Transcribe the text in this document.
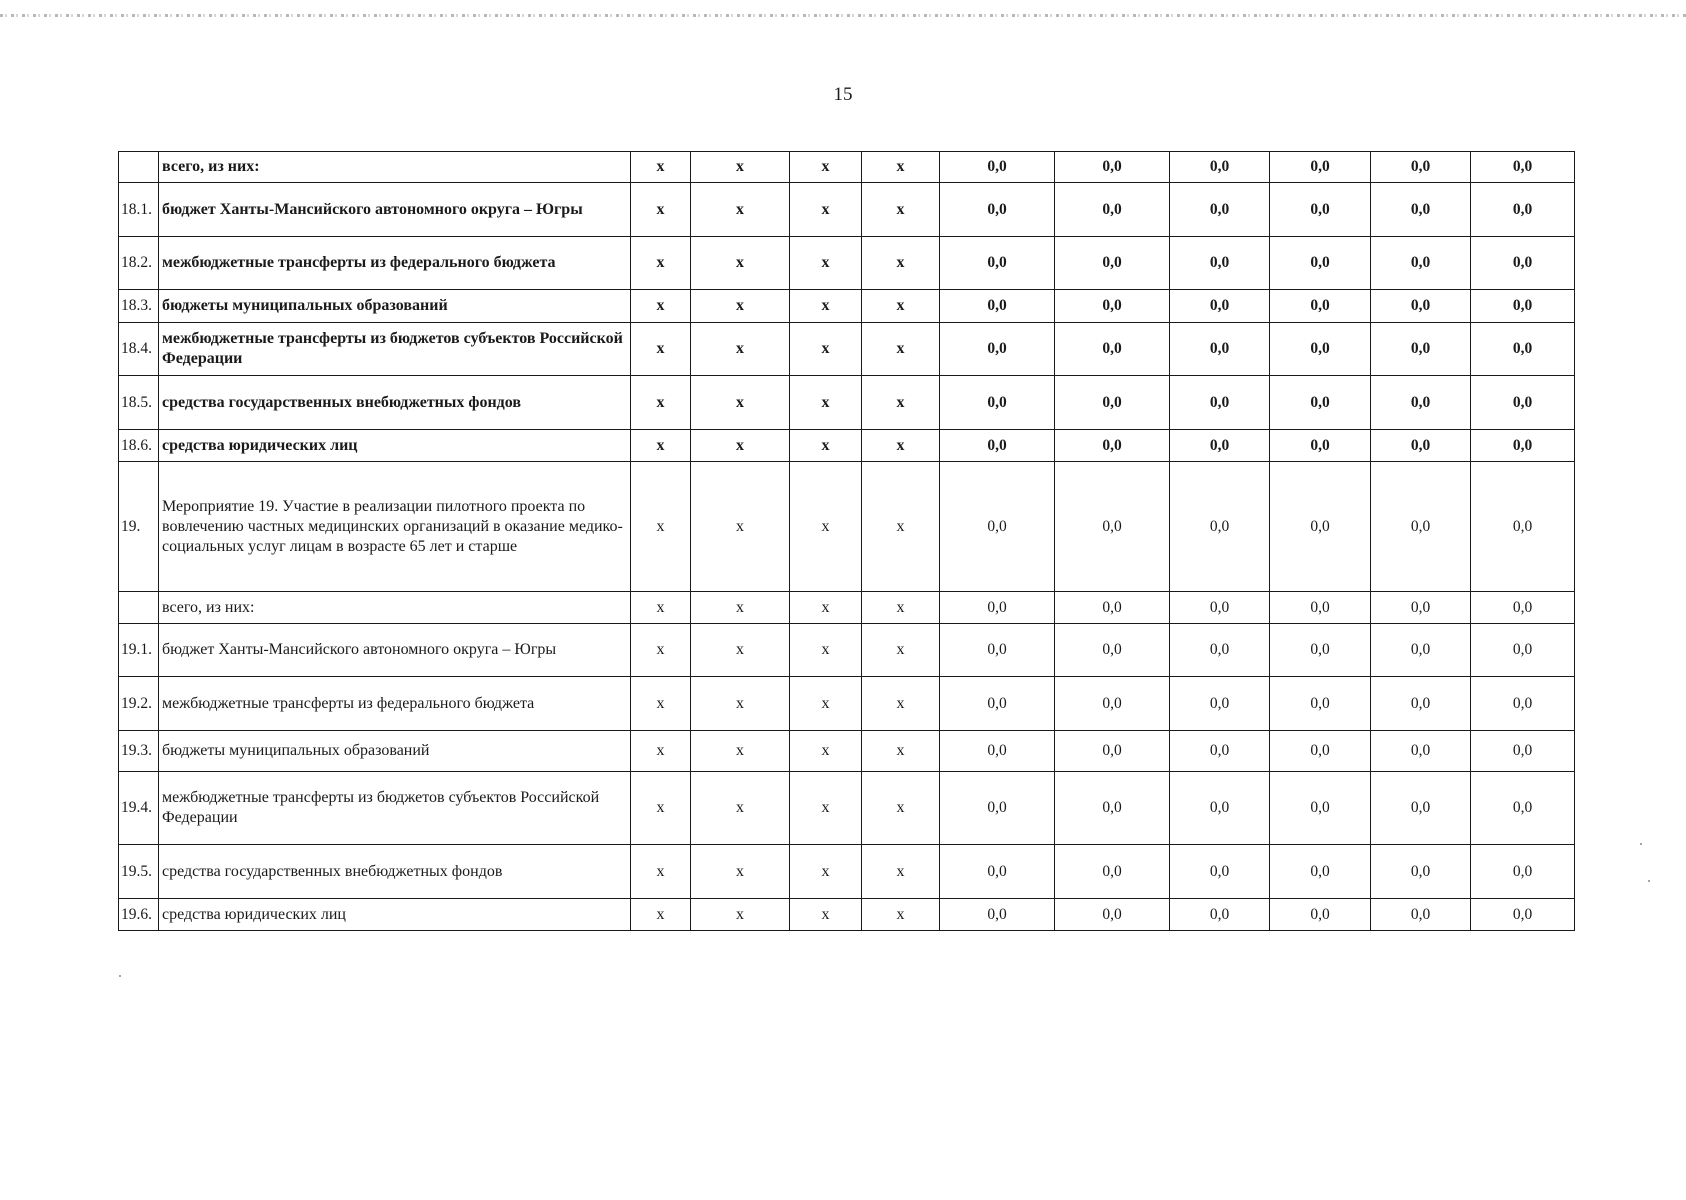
15
	всего, из них:	x	x	x	x	0,0	0,0	0,0	0,0	0,0	0,0
18.1.	бюджет Ханты-Мансийского автономного округа – Югры	x	x	x	x	0,0	0,0	0,0	0,0	0,0	0,0
18.2.	межбюджетные трансферты из федерального бюджета	x	x	x	x	0,0	0,0	0,0	0,0	0,0	0,0
18.3.	бюджеты муниципальных образований	x	x	x	x	0,0	0,0	0,0	0,0	0,0	0,0
18.4.	межбюджетные трансферты из бюджетов субъектов Российской Федерации	x	x	x	x	0,0	0,0	0,0	0,0	0,0	0,0
18.5.	средства государственных внебюджетных фондов	x	x	x	x	0,0	0,0	0,0	0,0	0,0	0,0
18.6.	средства юридических лиц	x	x	x	x	0,0	0,0	0,0	0,0	0,0	0,0
19.	Мероприятие 19. Участие в реализации пилотного проекта по вовлечению частных медицинских организаций в оказание медико-социальных услуг лицам в возрасте 65 лет и старше	x	x	x	x	0,0	0,0	0,0	0,0	0,0	0,0
	всего, из них:	x	x	x	x	0,0	0,0	0,0	0,0	0,0	0,0
19.1.	бюджет Ханты-Мансийского автономного округа – Югры	x	x	x	x	0,0	0,0	0,0	0,0	0,0	0,0
19.2.	межбюджетные трансферты из федерального бюджета	x	x	x	x	0,0	0,0	0,0	0,0	0,0	0,0
19.3.	бюджеты муниципальных образований	x	x	x	x	0,0	0,0	0,0	0,0	0,0	0,0
19.4.	межбюджетные трансферты из бюджетов субъектов Российской Федерации	x	x	x	x	0,0	0,0	0,0	0,0	0,0	0,0
19.5.	средства государственных внебюджетных фондов	x	x	x	x	0,0	0,0	0,0	0,0	0,0	0,0
19.6.	средства юридических лиц	x	x	x	x	0,0	0,0	0,0	0,0	0,0	0,0
